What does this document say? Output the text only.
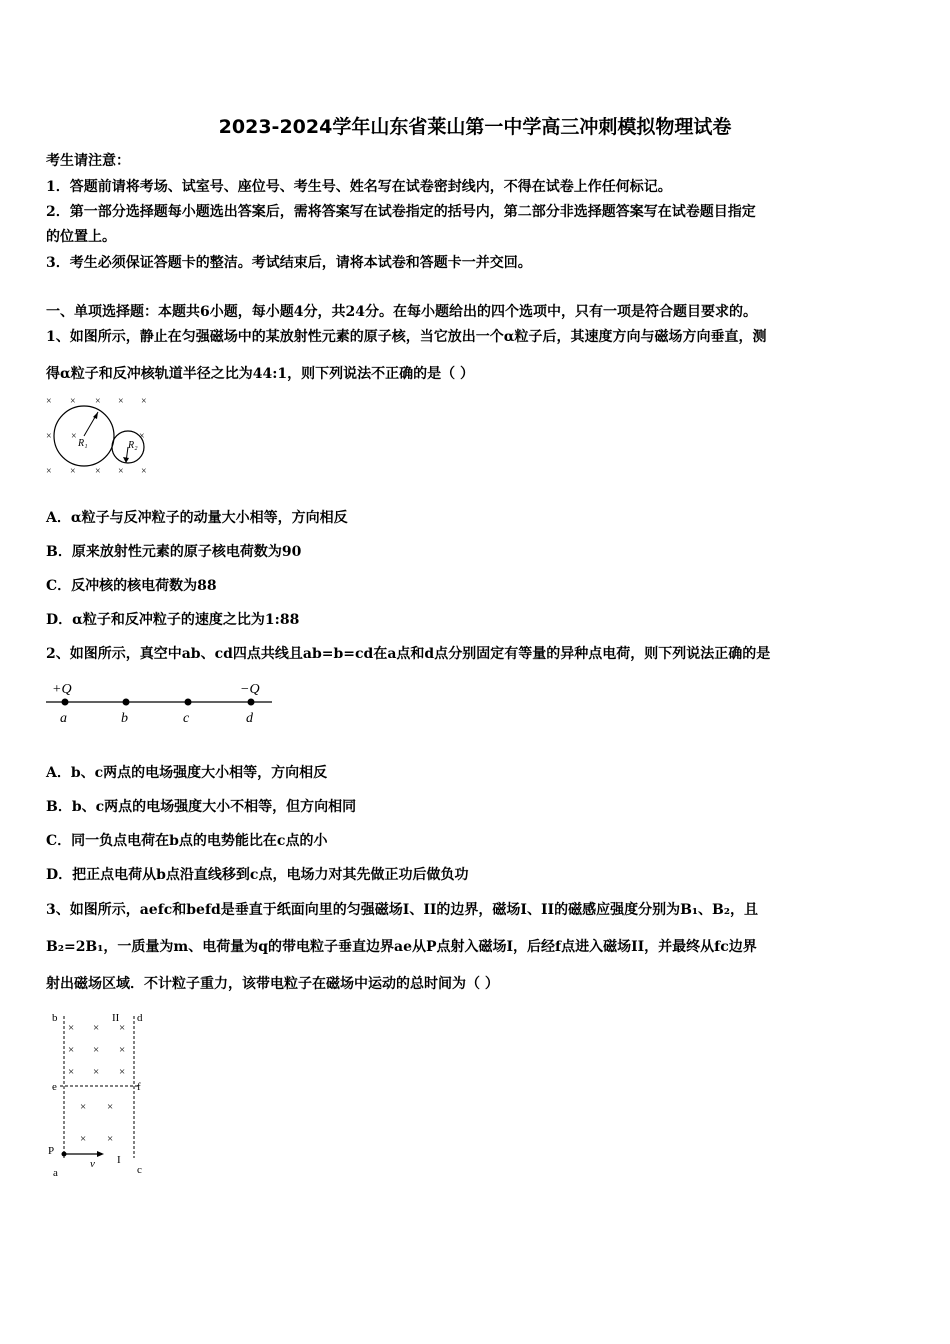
2023-2024学年山东省莱山第一中学高三冲刺模拟物理试卷
考生请注意：
1．答题前请将考场、试室号、座位号、考生号、姓名写在试卷密封线内，不得在试卷上作任何标记。
2．第一部分选择题每小题选出答案后，需将答案写在试卷指定的括号内，第二部分非选择题答案写在试卷题目指定
的位置上。
3．考生必须保证答题卡的整洁。考试结束后，请将本试卷和答题卡一并交回。
一、单项选择题：本题共6小题，每小题4分，共24分。在每小题给出的四个选项中，只有一项是符合题目要求的。
1、如图所示，静止在匀强磁场中的某放射性元素的原子核，当它放出一个α粒子后，其速度方向与磁场方向垂直，测
得α粒子和反冲核轨道半径之比为44:1，则下列说法不正确的是（ ）
× × × × ×
× ×	×
× × × × ×
R₁	R₂
A．α粒子与反冲粒子的动量大小相等，方向相反
B．原来放射性元素的原子核电荷数为90
C．反冲核的核电荷数为88
D．α粒子和反冲粒子的速度之比为1:88
2、如图所示，真空中ab、cd四点共线且ab=b=cd在a点和d点分别固定有等量的异种点电荷，则下列说法正确的是
+Q	−Q
a	b	c	d
A．b、c两点的电场强度大小相等，方向相反
B．b、c两点的电场强度大小不相等，但方向相同
C．同一负点电荷在b点的电势能比在c点的小
D．把正点电荷从b点沿直线移到c点，电场力对其先做正功后做负功
3、如图所示，aefc和befd是垂直于纸面向里的匀强磁场I、II的边界，磁场I、II的磁感应强度分别为B₁、B₂，且
B₂=2B₁，一质量为m、电荷量为q的带电粒子垂直边界ae从P点射入磁场I，后经f点进入磁场II，并最终从fc边界
射出磁场区域．不计粒子重力，该带电粒子在磁场中运动的总时间为（ ）
× × ×
× × ×
× × ×
× ×
× ×
b	II d
e	f
P
v I
a	c
